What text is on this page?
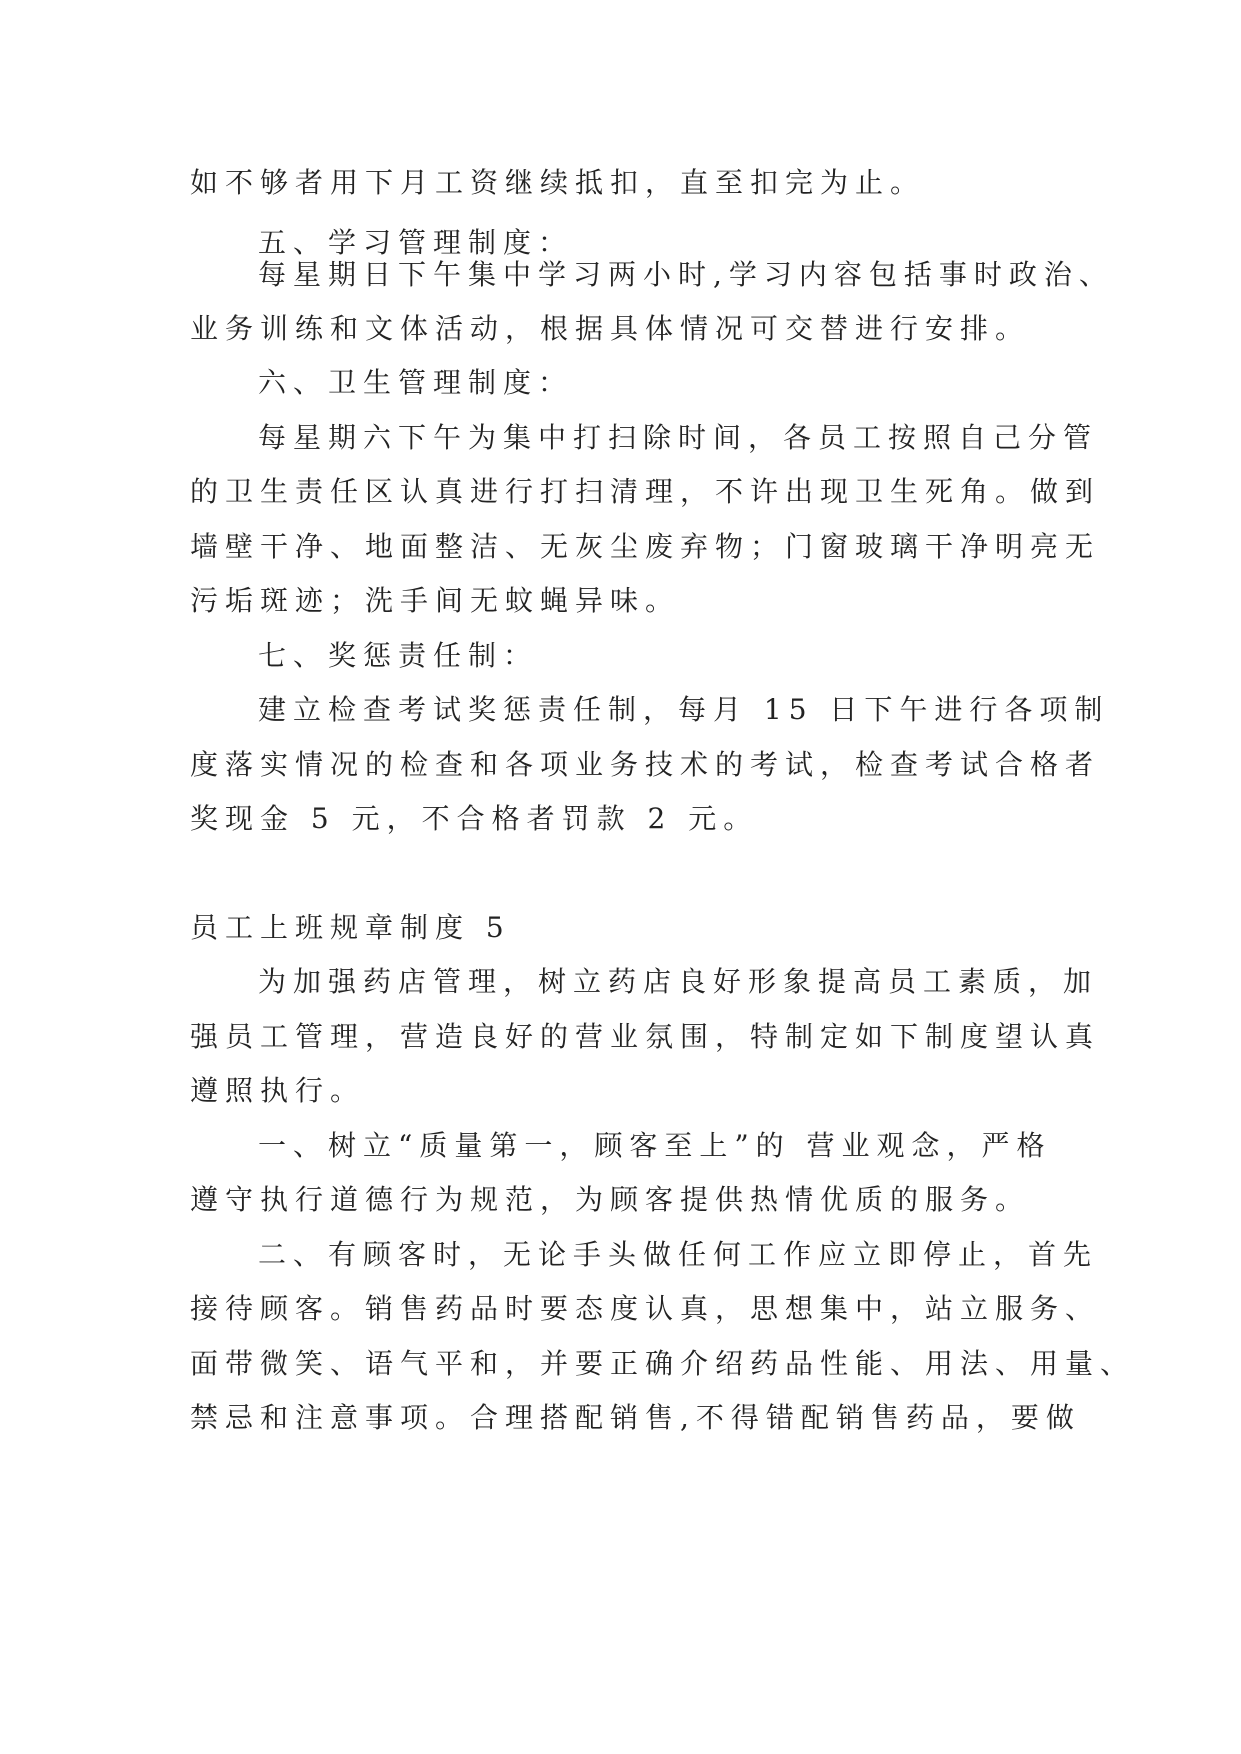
如不够者用下月工资继续抵扣，直至扣完为止。
五、学习管理制度：
每星期日下午集中学习两小时,学习内容包括事时政治、
业务训练和文体活动，根据具体情况可交替进行安排。
六、卫生管理制度：
每星期六下午为集中打扫除时间，各员工按照自己分管
的卫生责任区认真进行打扫清理，不许出现卫生死角。做到
墙壁干净、地面整洁、无灰尘废弃物；门窗玻璃干净明亮无
污垢斑迹；洗手间无蚊蝇异味。
七、奖惩责任制：
建立检查考试奖惩责任制，每月 15 日下午进行各项制
度落实情况的检查和各项业务技术的考试，检查考试合格者
奖现金 5 元，不合格者罚款 2 元。
员工上班规章制度 5
为加强药店管理，树立药店良好形象提高员工素质，加
强员工管理，营造良好的营业氛围，特制定如下制度望认真
遵照执行。
一、树立“质量第一，顾客至上”的 营业观念，严格
遵守执行道德行为规范，为顾客提供热情优质的服务。
二、有顾客时，无论手头做任何工作应立即停止，首先
接待顾客。销售药品时要态度认真，思想集中，站立服务、
面带微笑、语气平和，并要正确介绍药品性能、用法、用量、
禁忌和注意事项。合理搭配销售,不得错配销售药品，要做
